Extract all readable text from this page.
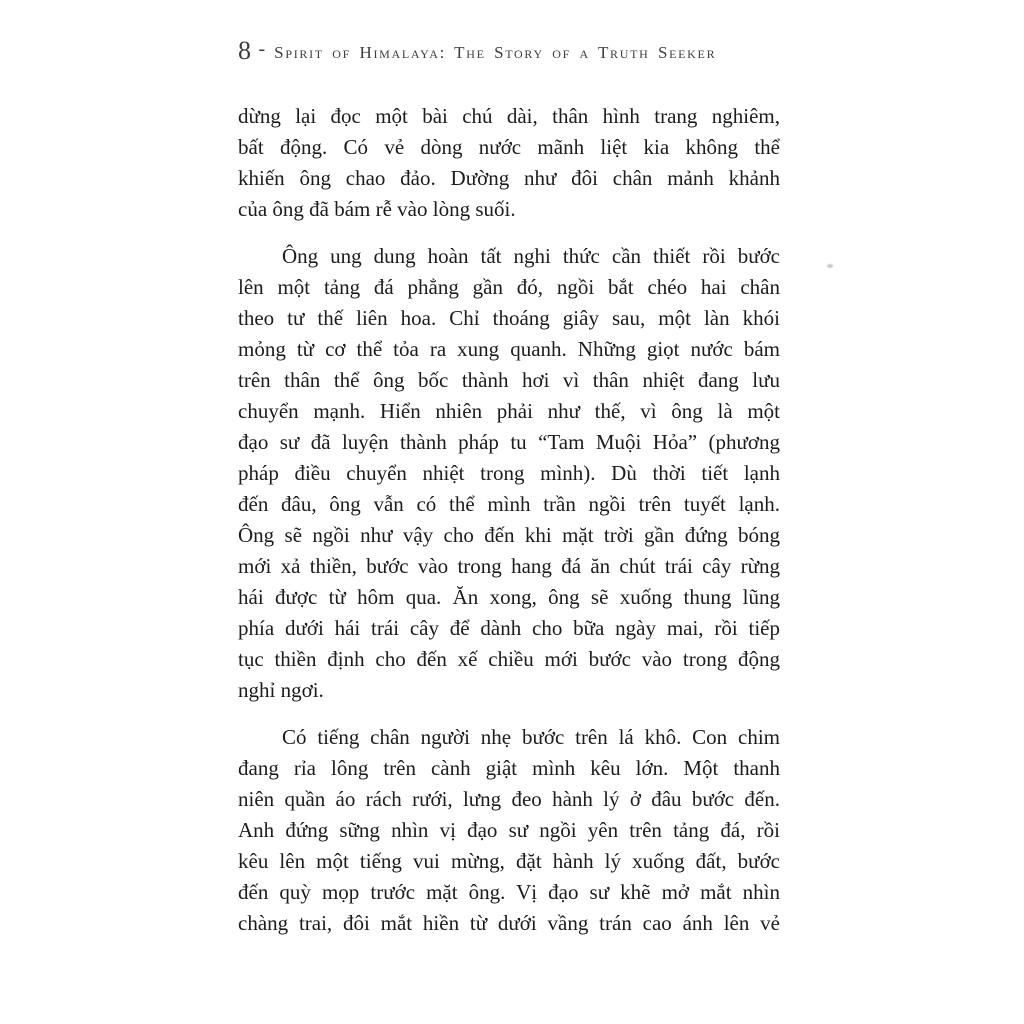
8 - Spirit of Himalaya: The Story of a Truth Seeker
dừng lại đọc một bài chú dài, thân hình trang nghiêm,
bất động. Có vẻ dòng nước mãnh liệt kia không thể
khiến ông chao đảo. Dường như đôi chân mảnh khảnh
của ông đã bám rễ vào lòng suối.
Ông ung dung hoàn tất nghi thức cần thiết rồi bước
lên một tảng đá phẳng gần đó, ngồi bắt chéo hai chân
theo tư thế liên hoa. Chỉ thoáng giây sau, một làn khói
mỏng từ cơ thể tỏa ra xung quanh. Những giọt nước bám
trên thân thể ông bốc thành hơi vì thân nhiệt đang lưu
chuyển mạnh. Hiển nhiên phải như thế, vì ông là một
đạo sư đã luyện thành pháp tu “Tam Muội Hỏa” (phương
pháp điều chuyển nhiệt trong mình). Dù thời tiết lạnh
đến đâu, ông vẫn có thể mình trần ngồi trên tuyết lạnh.
Ông sẽ ngồi như vậy cho đến khi mặt trời gần đứng bóng
mới xả thiền, bước vào trong hang đá ăn chút trái cây rừng
hái được từ hôm qua. Ăn xong, ông sẽ xuống thung lũng
phía dưới hái trái cây để dành cho bữa ngày mai, rồi tiếp
tục thiền định cho đến xế chiều mới bước vào trong động
nghỉ ngơi.
Có tiếng chân người nhẹ bước trên lá khô. Con chim
đang rỉa lông trên cành giật mình kêu lớn. Một thanh
niên quần áo rách rưới, lưng đeo hành lý ở đâu bước đến.
Anh đứng sững nhìn vị đạo sư ngồi yên trên tảng đá, rồi
kêu lên một tiếng vui mừng, đặt hành lý xuống đất, bước
đến quỳ mọp trước mặt ông. Vị đạo sư khẽ mở mắt nhìn
chàng trai, đôi mắt hiền từ dưới vầng trán cao ánh lên vẻ
